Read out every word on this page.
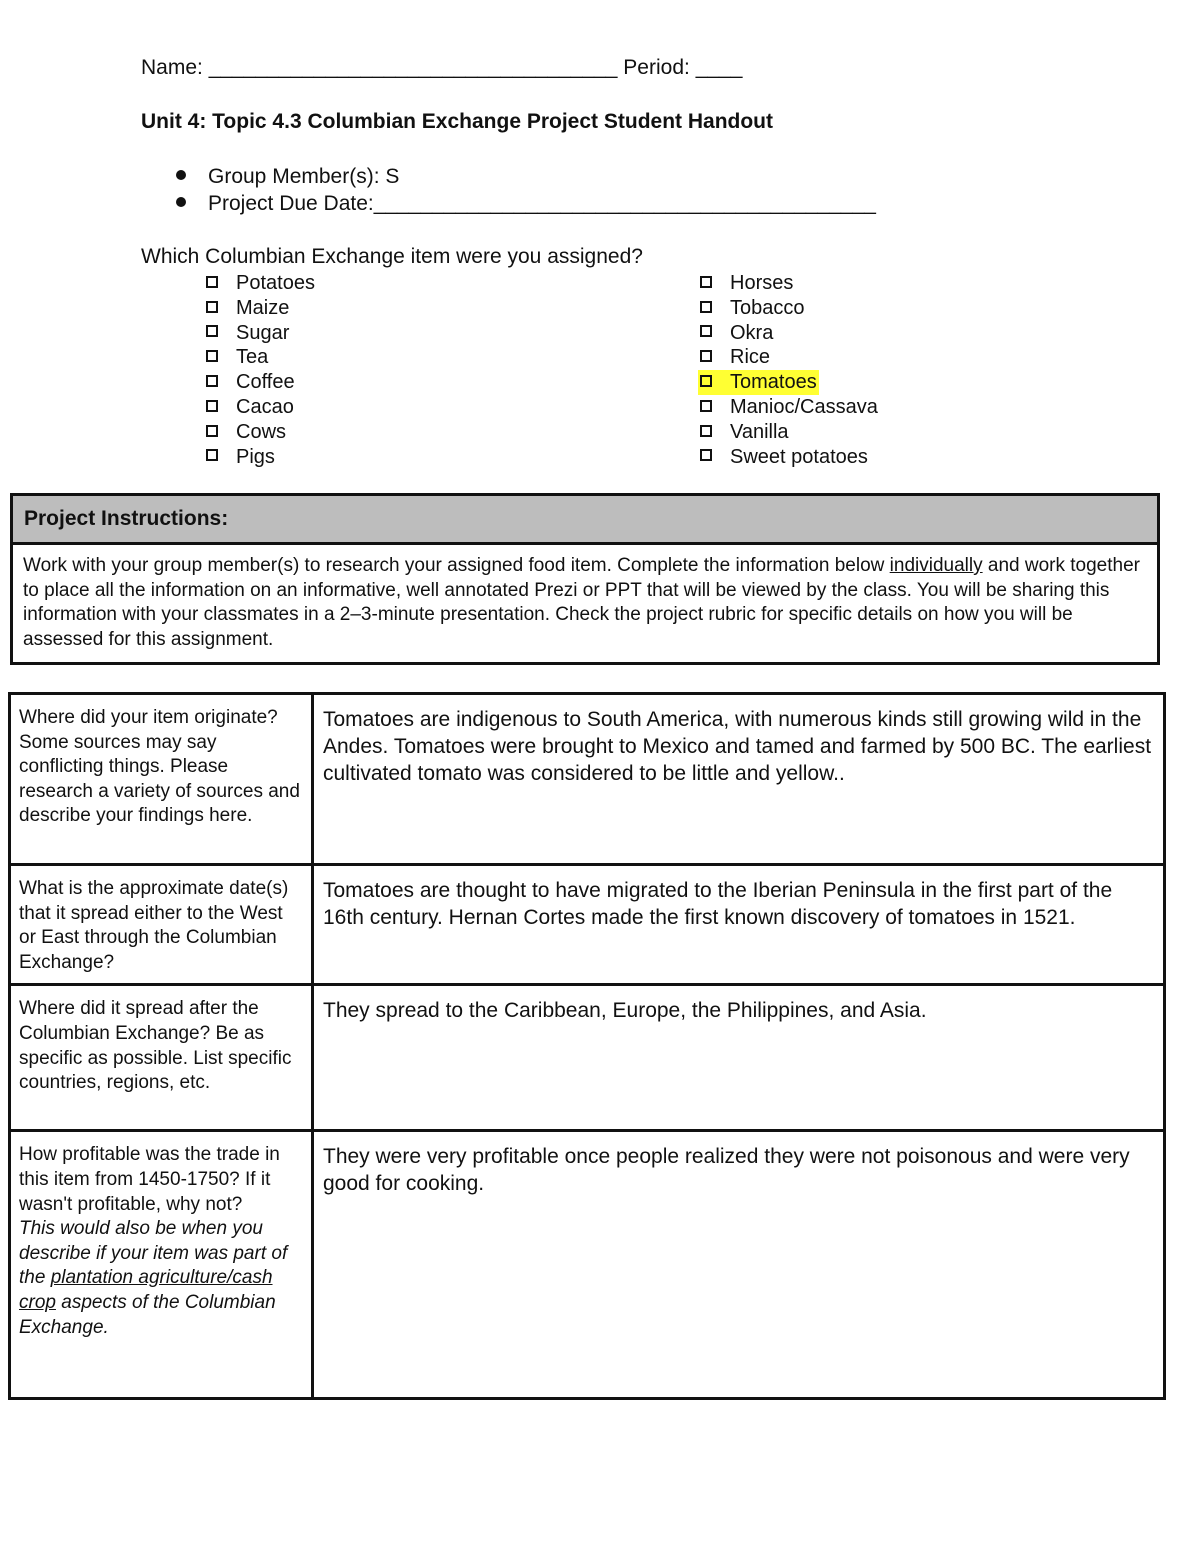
Name: ___________________________________ Period: ____
Unit 4: Topic 4.3 Columbian Exchange Project Student Handout
Group Member(s): S
Project Due Date:___________________________________________
Which Columbian Exchange item were you assigned?
Potatoes
Maize
Sugar
Tea
Coffee
Cacao
Cows
Pigs
Horses
Tobacco
Okra
Rice
Tomatoes
Manioc/Cassava
Vanilla
Sweet potatoes
Project Instructions:
Work with your group member(s) to research your assigned food item. Complete the information below individually and work together to place all the information on an informative, well annotated Prezi or PPT that will be viewed by the class. You will be sharing this information with your classmates in a 2–3-minute presentation. Check the project rubric for specific details on how you will be assessed for this assignment.
Where did your item originate? Some sources may say conflicting things. Please research a variety of sources and describe your findings here.	Tomatoes are indigenous to South America, with numerous kinds still growing wild in the Andes. Tomatoes were brought to Mexico and tamed and farmed by 500 BC. The earliest cultivated tomato was considered to be little and yellow..
What is the approximate date(s) that it spread either to the West or East through the Columbian Exchange?	Tomatoes are thought to have migrated to the Iberian Peninsula in the first part of the 16th century. Hernan Cortes made the first known discovery of tomatoes in 1521.
Where did it spread after the Columbian Exchange? Be as specific as possible. List specific countries, regions, etc.	They spread to the Caribbean, Europe, the Philippines, and Asia.
How profitable was the trade in this item from 1450-1750? If it wasn't profitable, why not?
This would also be when you describe if your item was part of the plantation agriculture/cash crop aspects of the Columbian Exchange.	They were very profitable once people realized they were not poisonous and were very good for cooking.
